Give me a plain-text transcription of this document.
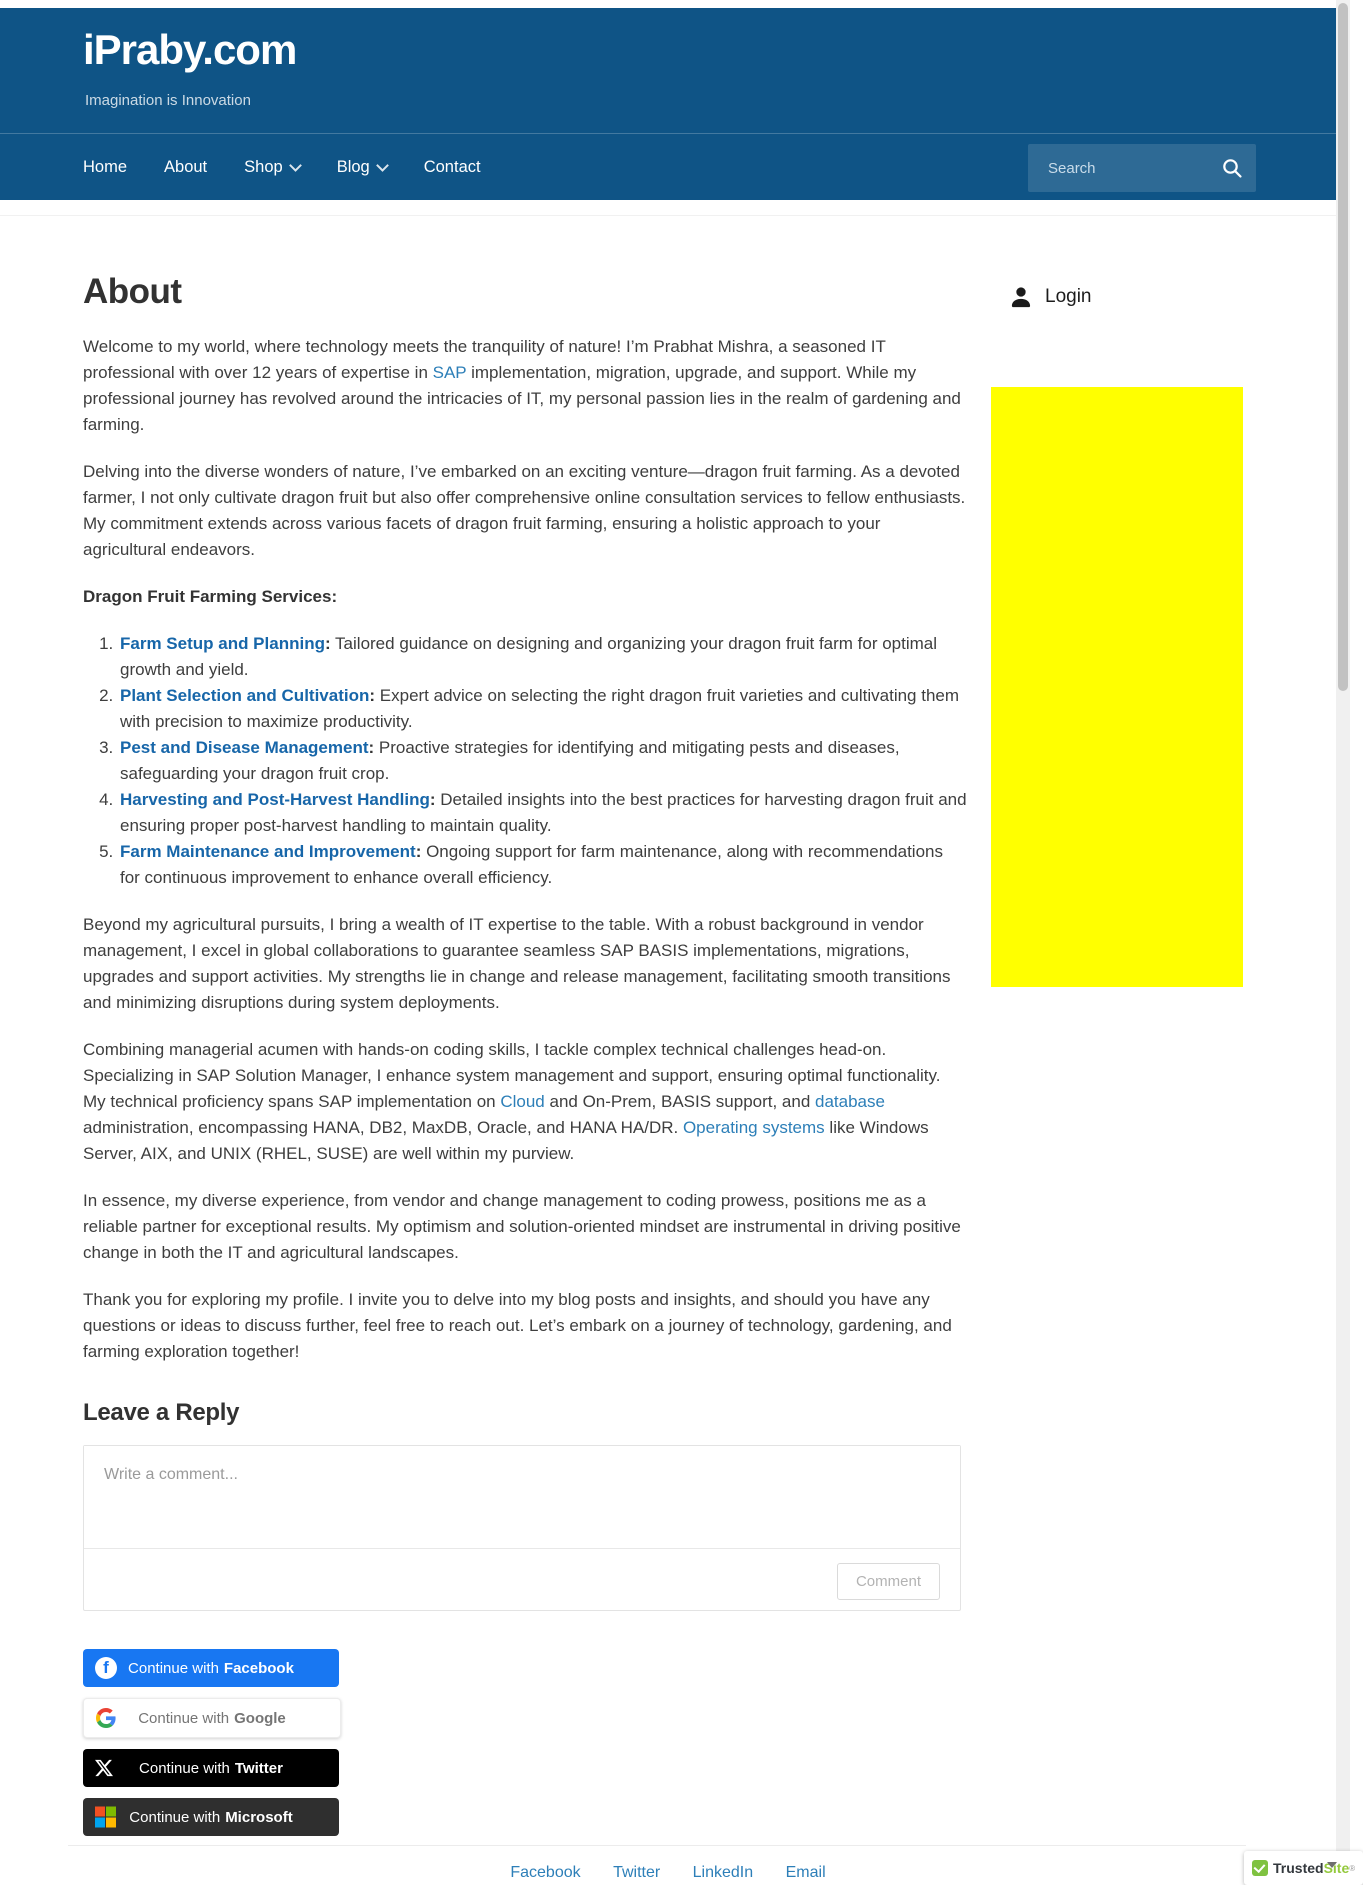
iPraby.com
Imagination is Innovation
Home About Shop	Blog	Contact
Search
About

Welcome to my world, where technology meets the tranquility of nature! I’m Prabhat Mishra, a seasoned IT professional with over 12 years of expertise in SAP implementation, migration, upgrade, and support. While my professional journey has revolved around the intricacies of IT, my personal passion lies in the realm of gardening and farming.

Delving into the diverse wonders of nature, I’ve embarked on an exciting venture—dragon fruit farming. As a devoted farmer, I not only cultivate dragon fruit but also offer comprehensive online consultation services to fellow enthusiasts. My commitment extends across various facets of dragon fruit farming, ensuring a holistic approach to your agricultural endeavors.

Dragon Fruit Farming Services:

1. Farm Setup and Planning: Tailored guidance on designing and organizing your dragon fruit farm for optimal growth and yield.
2. Plant Selection and Cultivation: Expert advice on selecting the right dragon fruit varieties and cultivating them with precision to maximize productivity.
3. Pest and Disease Management: Proactive strategies for identifying and mitigating pests and diseases, safeguarding your dragon fruit crop.
4. Harvesting and Post-Harvest Handling: Detailed insights into the best practices for harvesting dragon fruit and ensuring proper post-harvest handling to maintain quality.
5. Farm Maintenance and Improvement: Ongoing support for farm maintenance, along with recommendations for continuous improvement to enhance overall efficiency.

Beyond my agricultural pursuits, I bring a wealth of IT expertise to the table. With a robust background in vendor management, I excel in global collaborations to guarantee seamless SAP BASIS implementations, migrations, upgrades and support activities. My strengths lie in change and release management, facilitating smooth transitions and minimizing disruptions during system deployments.

Combining managerial acumen with hands-on coding skills, I tackle complex technical challenges head-on. Specializing in SAP Solution Manager, I enhance system management and support, ensuring optimal functionality. My technical proficiency spans SAP implementation on Cloud and On-Prem, BASIS support, and database administration, encompassing HANA, DB2, MaxDB, Oracle, and HANA HA/DR. Operating systems like Windows Server, AIX, and UNIX (RHEL, SUSE) are well within my purview.

In essence, my diverse experience, from vendor and change management to coding prowess, positions me as a reliable partner for exceptional results. My optimism and solution-oriented mindset are instrumental in driving positive change in both the IT and agricultural landscapes.

Thank you for exploring my profile. I invite you to delve into my blog posts and insights, and should you have any questions or ideas to discuss further, feel free to reach out. Let’s embark on a journey of technology, gardening, and farming exploration together!

Leave a Reply
Write a comment...
Comment
f	Continue with Facebook
Continue with Google
Continue with Twitter
Continue with Microsoft
Login
Facebook Twitter LinkedIn Email	Trusted Site ®
